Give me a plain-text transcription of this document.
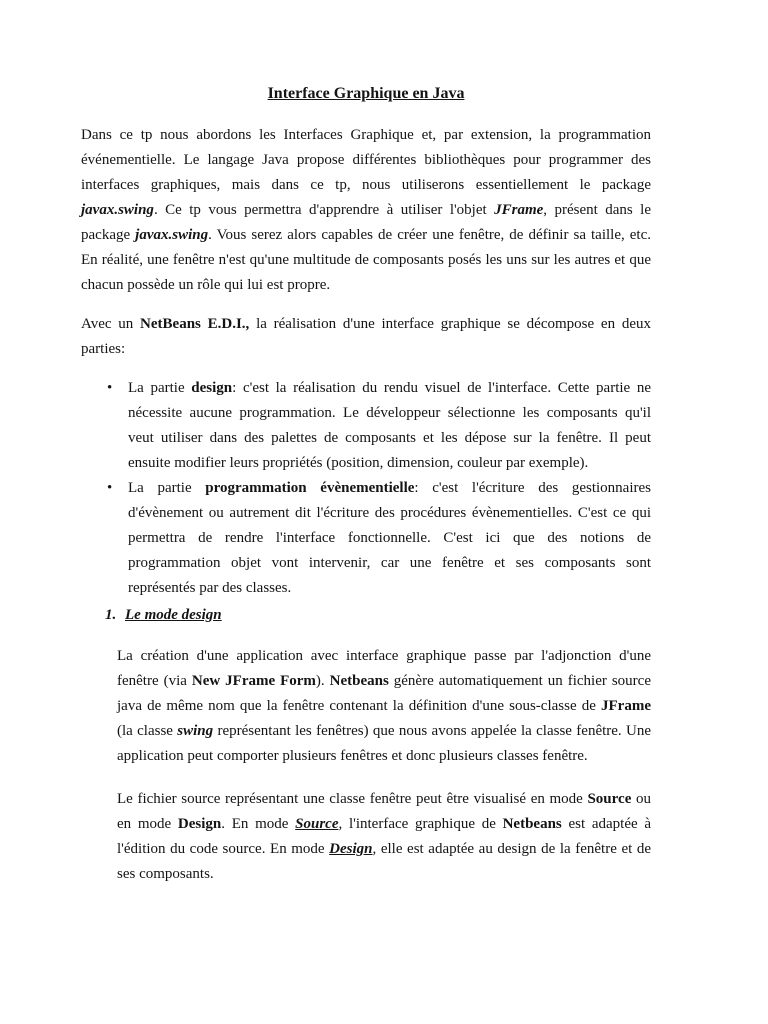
Interface Graphique en Java

Dans ce tp nous abordons les Interfaces Graphique et, par extension, la programmation événementielle. Le langage Java propose différentes bibliothèques pour programmer des interfaces graphiques, mais dans ce tp, nous utiliserons essentiellement le package javax.swing. Ce tp vous permettra d'apprendre à utiliser l'objet JFrame, présent dans le package javax.swing. Vous serez alors capables de créer une fenêtre, de définir sa taille, etc. En réalité, une fenêtre n'est qu'une multitude de composants posés les uns sur les autres et que chacun possède un rôle qui lui est propre.

Avec un NetBeans E.D.I., la réalisation d'une interface graphique se décompose en deux parties:

•	La partie design: c'est la réalisation du rendu visuel de l'interface. Cette partie ne nécessite aucune programmation. Le développeur sélectionne les composants qu'il veut utiliser dans des palettes de composants et les dépose sur la fenêtre. Il peut ensuite modifier leurs propriétés (position, dimension, couleur par exemple).

•	La partie programmation évènementielle: c'est l'écriture des gestionnaires d'évènement ou autrement dit l'écriture des procédures évènementielles. C'est ce qui permettra de rendre l'interface fonctionnelle. C'est ici que des notions de programmation objet vont intervenir, car une fenêtre et ses composants sont représentés par des classes.

1. Le mode design

La création d'une application avec interface graphique passe par l'adjonction d'une fenêtre (via New JFrame Form). Netbeans génère automatiquement un fichier source java de même nom que la fenêtre contenant la définition d'une sous-classe de JFrame (la classe swing représentant les fenêtres) que nous avons appelée la classe fenêtre. Une application peut comporter plusieurs fenêtres et donc plusieurs classes fenêtre.

Le fichier source représentant une classe fenêtre peut être visualisé en mode Source ou en mode Design. En mode Source, l'interface graphique de Netbeans est adaptée à l'édition du code source. En mode Design, elle est adaptée au design de la fenêtre et de ses composants.
